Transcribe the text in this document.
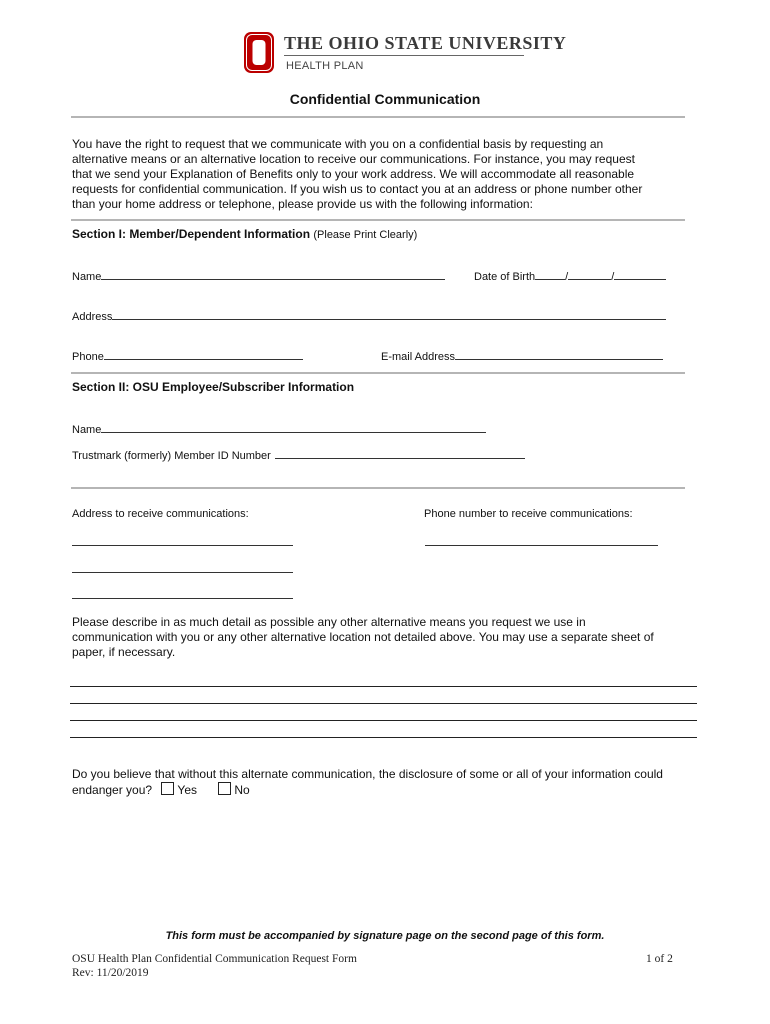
THE OHIO STATE UNIVERSITY
HEALTH PLAN
Confidential Communication
You have the right to request that we communicate with you on a confidential basis by requesting an
alternative means or an alternative location to receive our communications. For instance, you may request
that we send your Explanation of Benefits only to your work address. We will accommodate all reasonable
requests for confidential communication. If you wish us to contact you at an address or phone number other
than your home address or telephone, please provide us with the following information:
Section I: Member/Dependent Information (Please Print Clearly)
Name	Date of Birth	/	/
Address
Phone	E-mail Address
Section II: OSU Employee/Subscriber Information
Name
Trustmark (formerly) Member ID Number
Address to receive communications:	Phone number to receive communications:
Please describe in as much detail as possible any other alternative means you request we use in
communication with you or any other alternative location not detailed above. You may use a separate sheet of
paper, if necessary.
Do you believe that without this alternate communication, the disclosure of some or all of your information could
endanger you? Yes	No
This form must be accompanied by signature page on the second page of this form.
OSU Health Plan Confidential Communication Request Form
Rev: 11/20/2019
1 of 2
